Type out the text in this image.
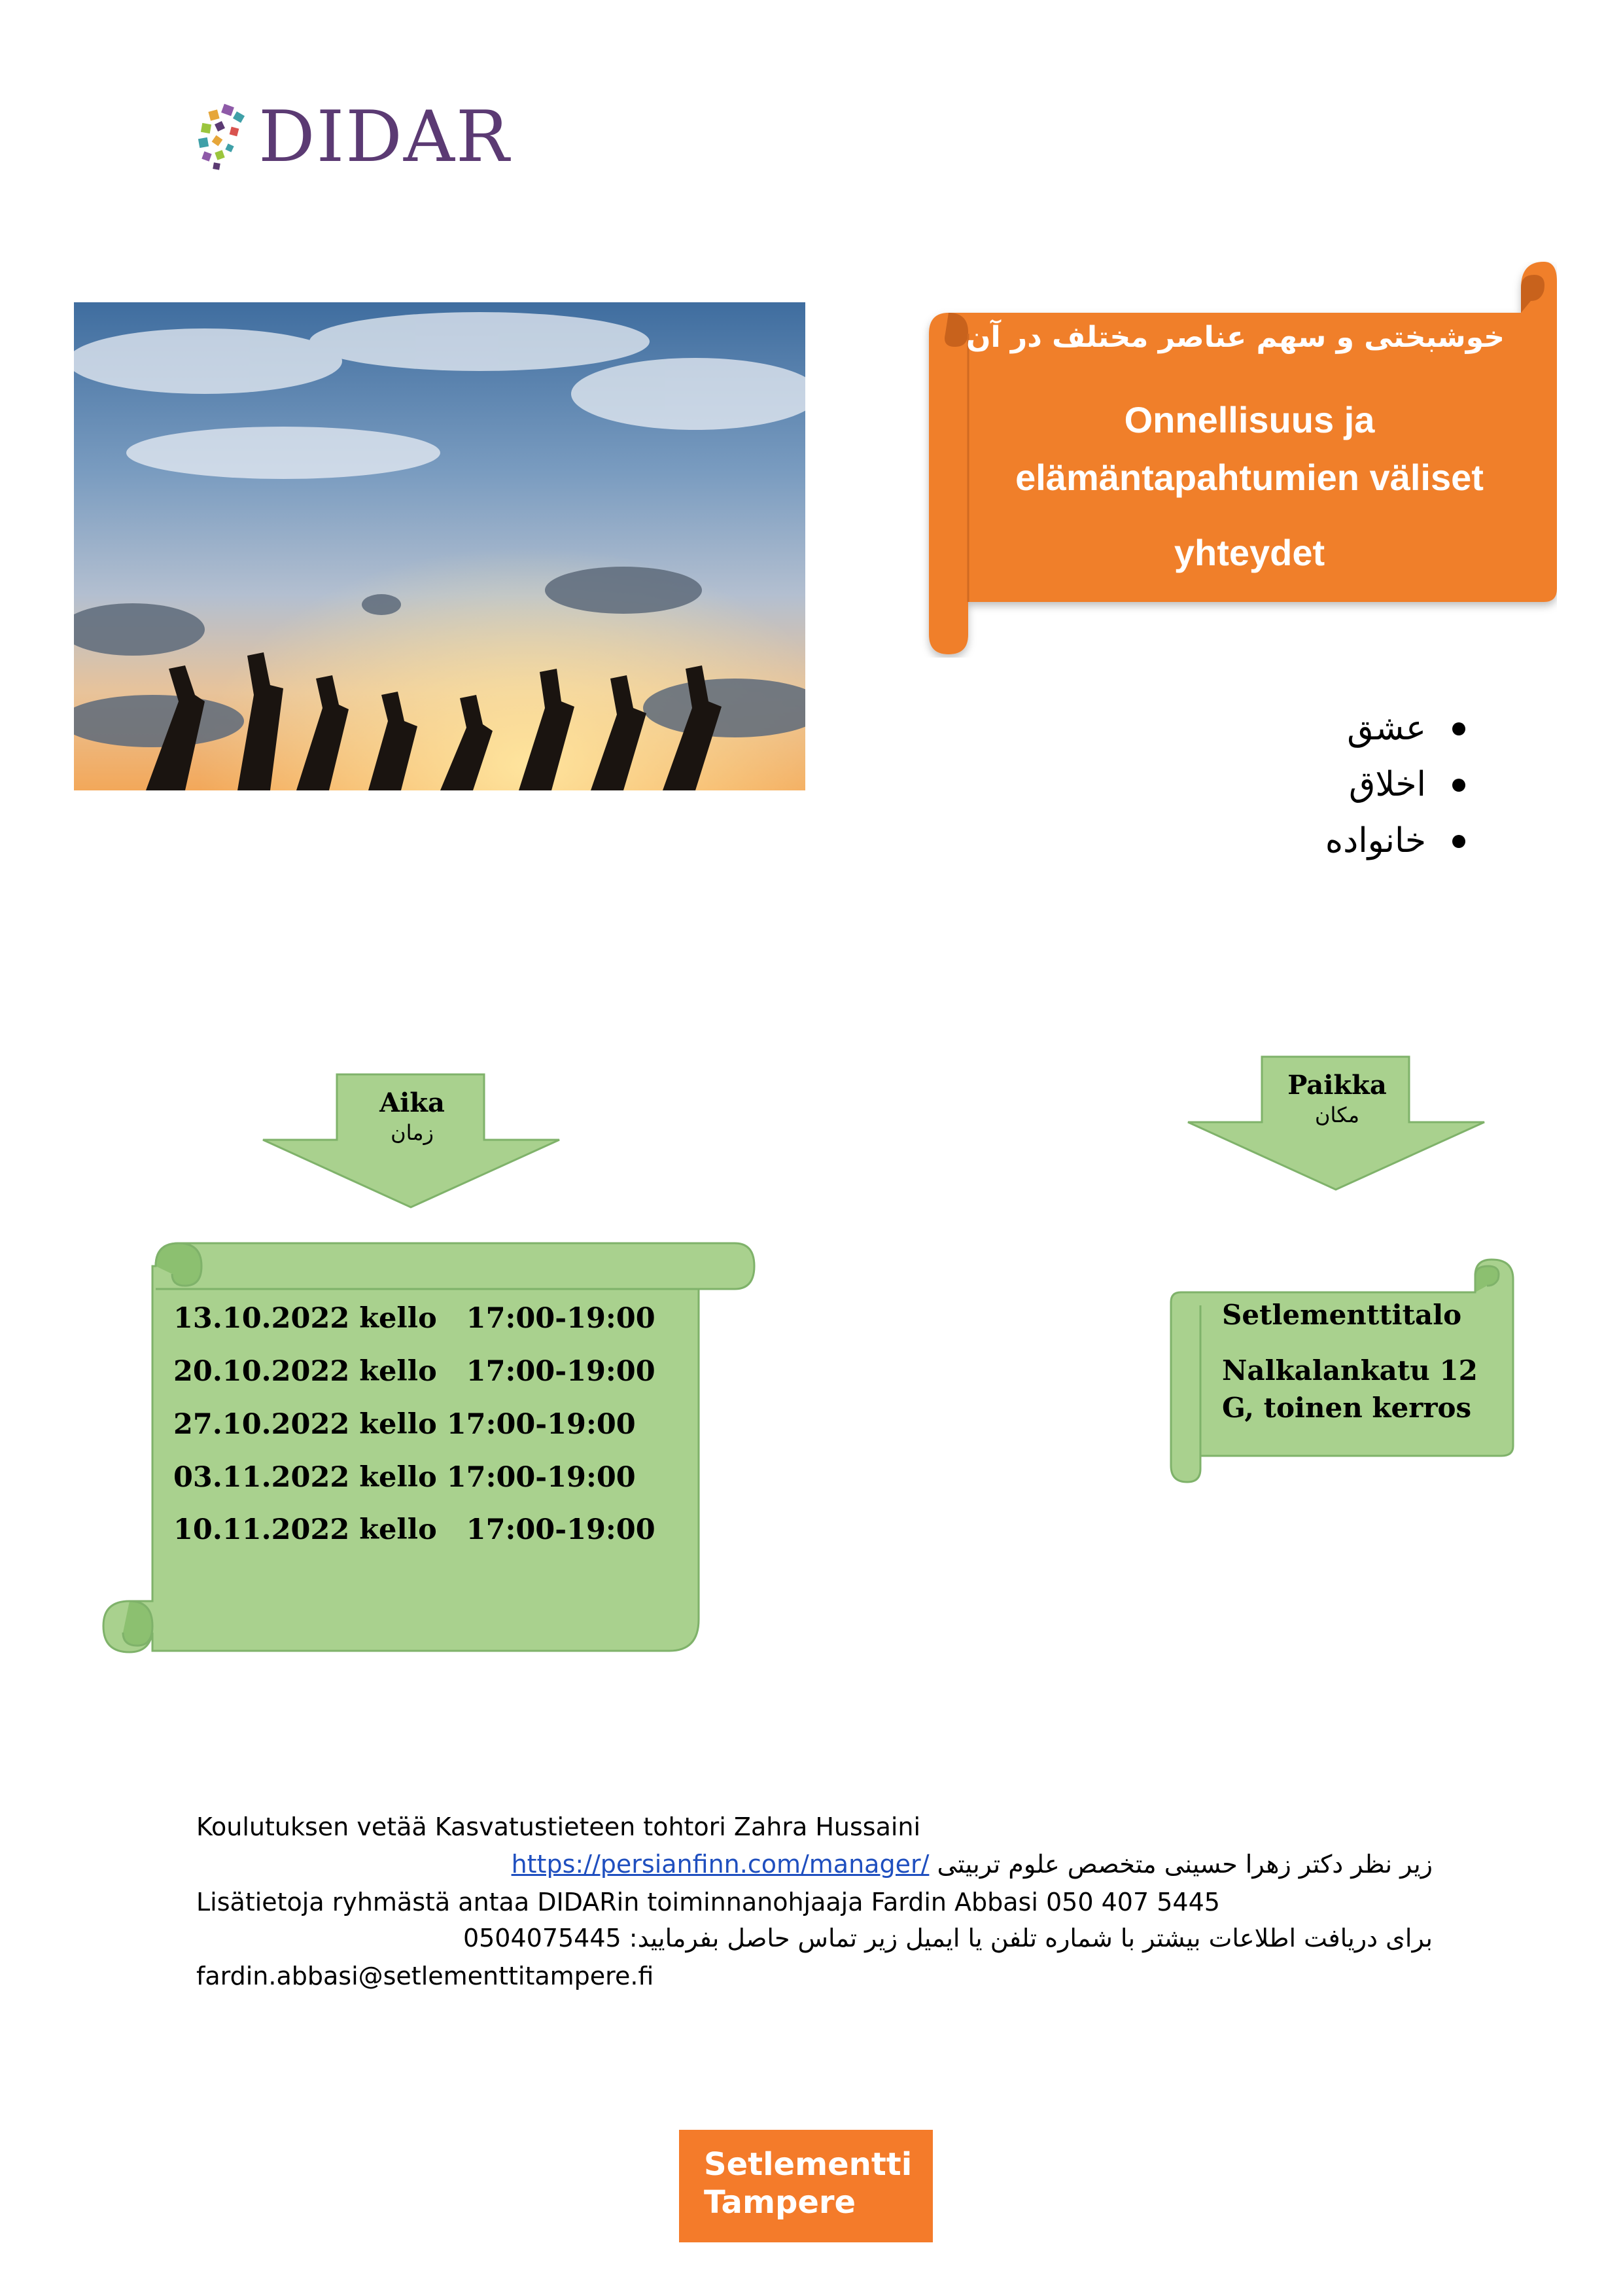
DIDAR
خوشبختی و سهم عناصر مختلف در آن
Onnellisuus ja
elämäntapahtumien väliset
yhteydet
عشق
اخلاق
خانواده
Aika
زمان
Paikka
مکان
13.10.2022 kello   17:00-19:00
20.10.2022 kello   17:00-19:00
27.10.2022 kello 17:00-19:00
03.11.2022 kello 17:00-19:00
10.11.2022 kello   17:00-19:00
Setlementtitalo
Nalkalankatu 12
G, toinen kerros
Koulutuksen vetää Kasvatustieteen tohtori Zahra Hussaini
زیر نظر دکتر زهرا حسینی متخصص علوم تربیتی https://persianfinn.com/manager/
Lisätietoja ryhmästä antaa DIDARin toiminnanohjaaja Fardin Abbasi 050 407 5445
برای دریافت اطلاعات بیشتر با شماره تلفن یا ایمیل زیر تماس حاصل بفرمایید: 0504075445
fardin.abbasi@setlementtitampere.fi
Setlementti
Tampere
